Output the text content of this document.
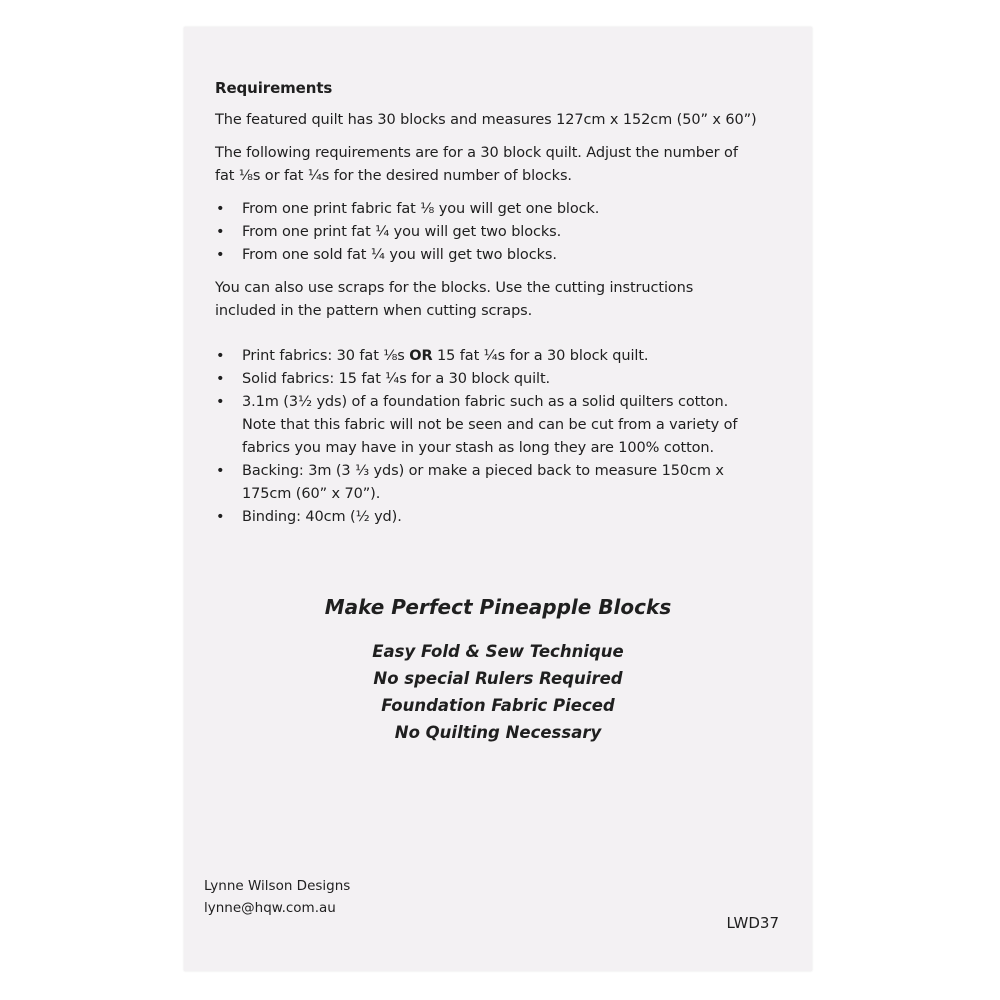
Requirements

The featured quilt has 30 blocks and measures 127cm x 152cm (50” x 60”)

The following requirements are for a 30 block quilt. Adjust the number of
fat ⅛s or fat ¼s for the desired number of blocks.

• From one print fabric fat ⅛ you will get one block.
• From one print fat ¼ you will get two blocks.
• From one sold fat ¼ you will get two blocks.

You can also use scraps for the blocks. Use the cutting instructions
included in the pattern when cutting scraps.

• Print fabrics: 30 fat ⅛s OR 15 fat ¼s for a 30 block quilt.
• Solid fabrics: 15 fat ¼s for a 30 block quilt.
• 3.1m (3½ yds) of a foundation fabric such as a solid quilters cotton.
Note that this fabric will not be seen and can be cut from a variety of
fabrics you may have in your stash as long they are 100% cotton.
• Backing: 3m (3 ⅓ yds) or make a pieced back to measure 150cm x
175cm (60” x 70”).
• Binding: 40cm (½ yd).
Make Perfect Pineapple Blocks
Easy Fold & Sew Technique
No special Rulers Required
Foundation Fabric Pieced
No Quilting Necessary
Lynne Wilson Designs
lynne@hqw.com.au
LWD37
